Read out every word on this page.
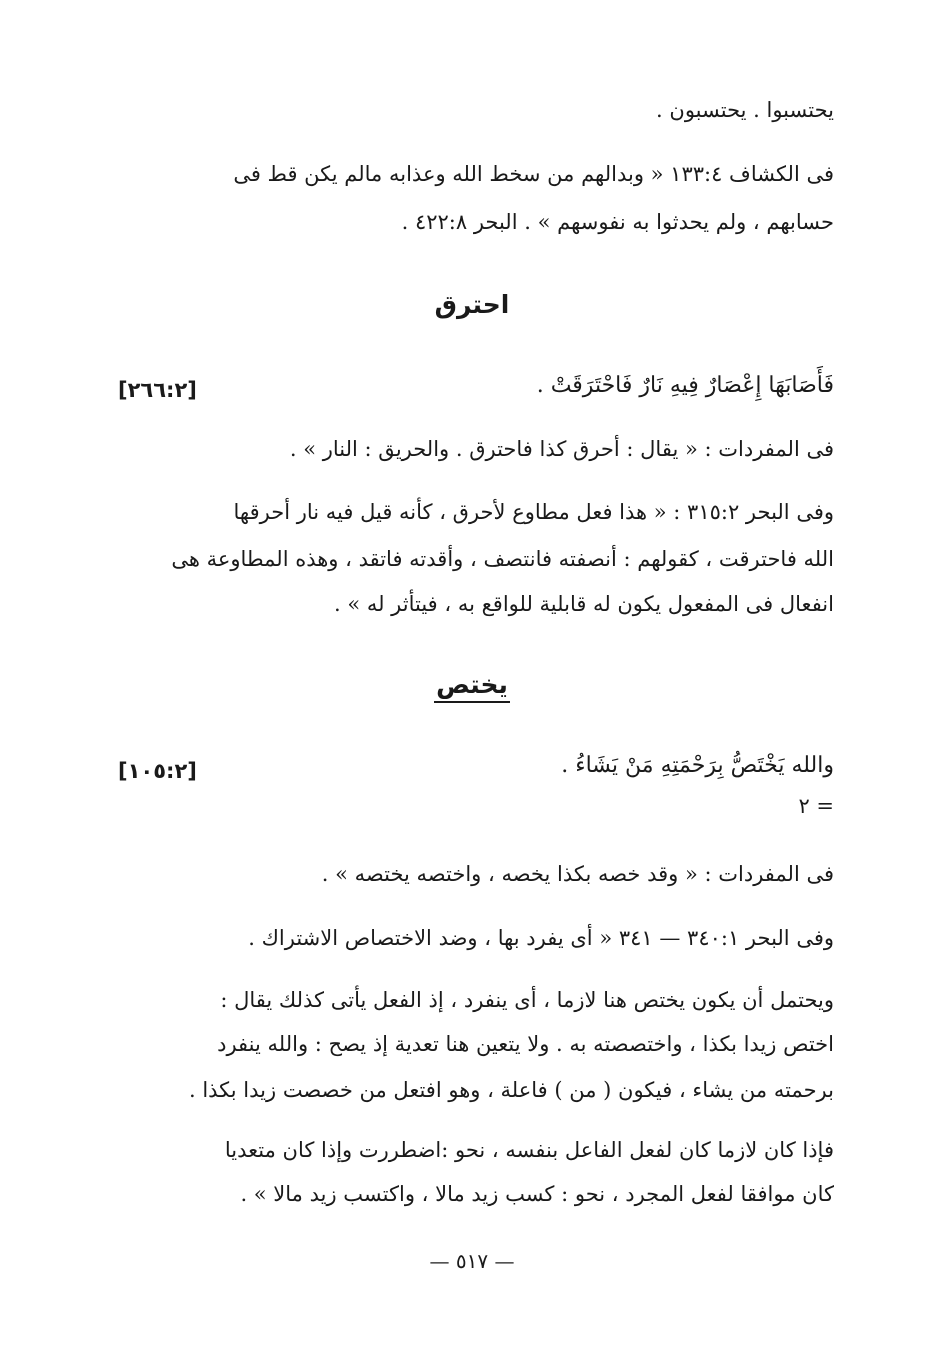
يحتسبوا . يحتسبون .
فى الكشاف ١٣٣:٤ « وبدالهم من سخط الله وعذابه مالم يكن قط فى
حسابهم ، ولم يحدثوا به نفوسهم » . البحر ٤٢٢:٨ .
احترق
فَأَصَابَهَا إِعْصَارٌ فِيهِ نَارٌ فَاحْتَرَقَتْ .
[٢٦٦:٢]
فى المفردات : « يقال : أحرق كذا فاحترق . والحريق : النار » .
وفى البحر ٣١٥:٢ : « هذا فعل مطاوع لأحرق ، كأنه قيل فيه نار أحرقها
الله فاحترقت ، كقولهم : أنصفته فانتصف ، وأقدته فاتقد ، وهذه المطاوعة هى
انفعال فى المفعول يكون له قابلية للواقع به ، فيتأثر له » .
يختص
والله يَخْتَصُّ بِرَحْمَتِهِ مَنْ يَشَاءُ .
[١٠٥:٢]
٢ =
فى المفردات : « وقد خصه بكذا يخصه ، واختصه يختصه » .
وفى البحر ٣٤٠:١ — ٣٤١ « أى يفرد بها ، وضد الاختصاص الاشتراك .
ويحتمل أن يكون يختص هنا لازما ، أى ينفرد ، إذ الفعل يأتى كذلك يقال :
اختص زيدا بكذا ، واختصصته به . ولا يتعين هنا تعدية إذ يصح : والله ينفرد
برحمته من يشاء ، فيكون ( من ) فاعلة ، وهو افتعل من خصصت زيدا بكذا .
فإذا كان لازما كان لفعل الفاعل بنفسه ، نحو :اضطررت وإذا كان متعديا
كان موافقا لفعل المجرد ، نحو : كسب زيد مالا ، واكتسب زيد مالا » .
— ٥١٧ —
